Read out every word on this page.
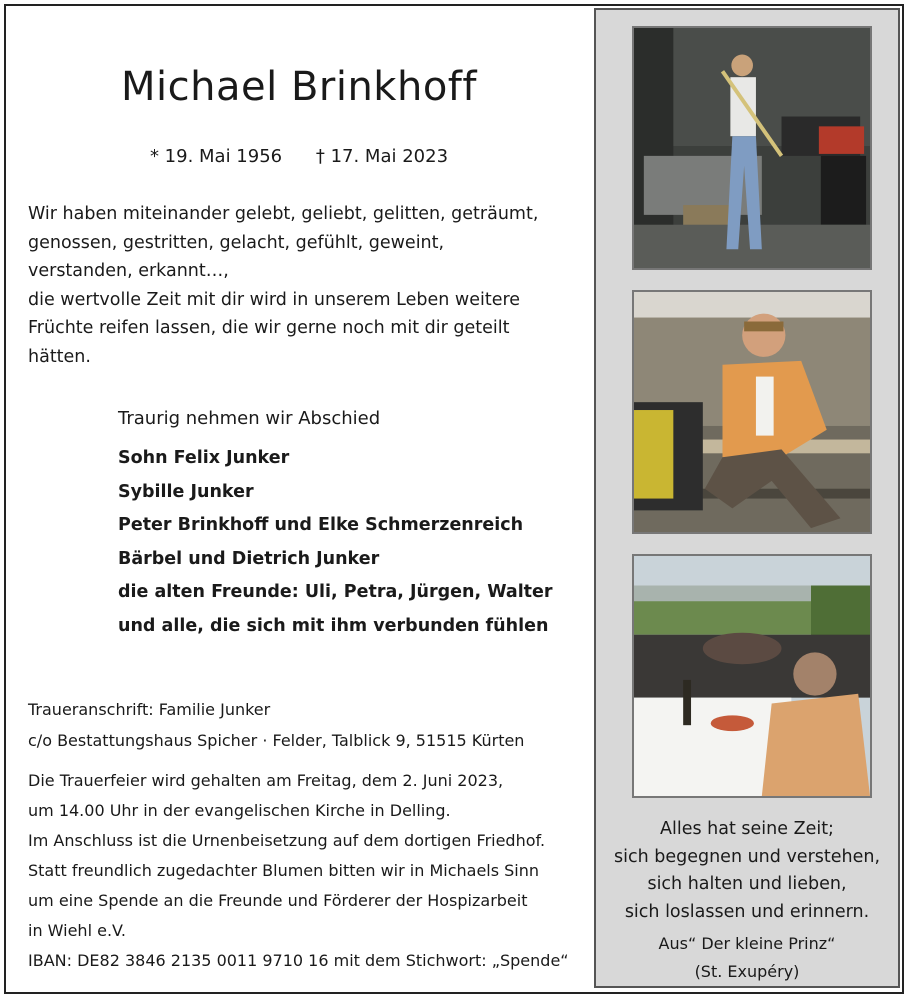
Michael Brinkhoff
* 19. Mai 1956 † 17. Mai 2023
Wir haben miteinander gelebt, geliebt, gelitten, geträumt,
genossen, gestritten, gelacht, gefühlt, geweint,
verstanden, erkannt…,
die wertvolle Zeit mit dir wird in unserem Leben weitere
Früchte reifen lassen, die wir gerne noch mit dir geteilt
hätten.
Traurig nehmen wir Abschied
Sohn Felix Junker
Sybille Junker
Peter Brinkhoff und Elke Schmerzenreich
Bärbel und Dietrich Junker
die alten Freunde: Uli, Petra, Jürgen, Walter
und alle, die sich mit ihm verbunden fühlen
Traueranschrift: Familie Junker
c/o Bestattungshaus Spicher · Felder, Talblick 9, 51515 Kürten
Die Trauerfeier wird gehalten am Freitag, dem 2. Juni 2023,
um 14.00 Uhr in der evangelischen Kirche in Delling.
Im Anschluss ist die Urnenbeisetzung auf dem dortigen Friedhof.
Statt freundlich zugedachter Blumen bitten wir in Michaels Sinn
um eine Spende an die Freunde und Förderer der Hospizarbeit
in Wiehl e.V.
IBAN: DE82 3846 2135 0011 9710 16 mit dem Stichwort: „Spende“
Alles hat seine Zeit;
sich begegnen und verstehen,
sich halten und lieben,
sich loslassen und erinnern.
Aus“ Der kleine Prinz“
(St. Exupéry)
